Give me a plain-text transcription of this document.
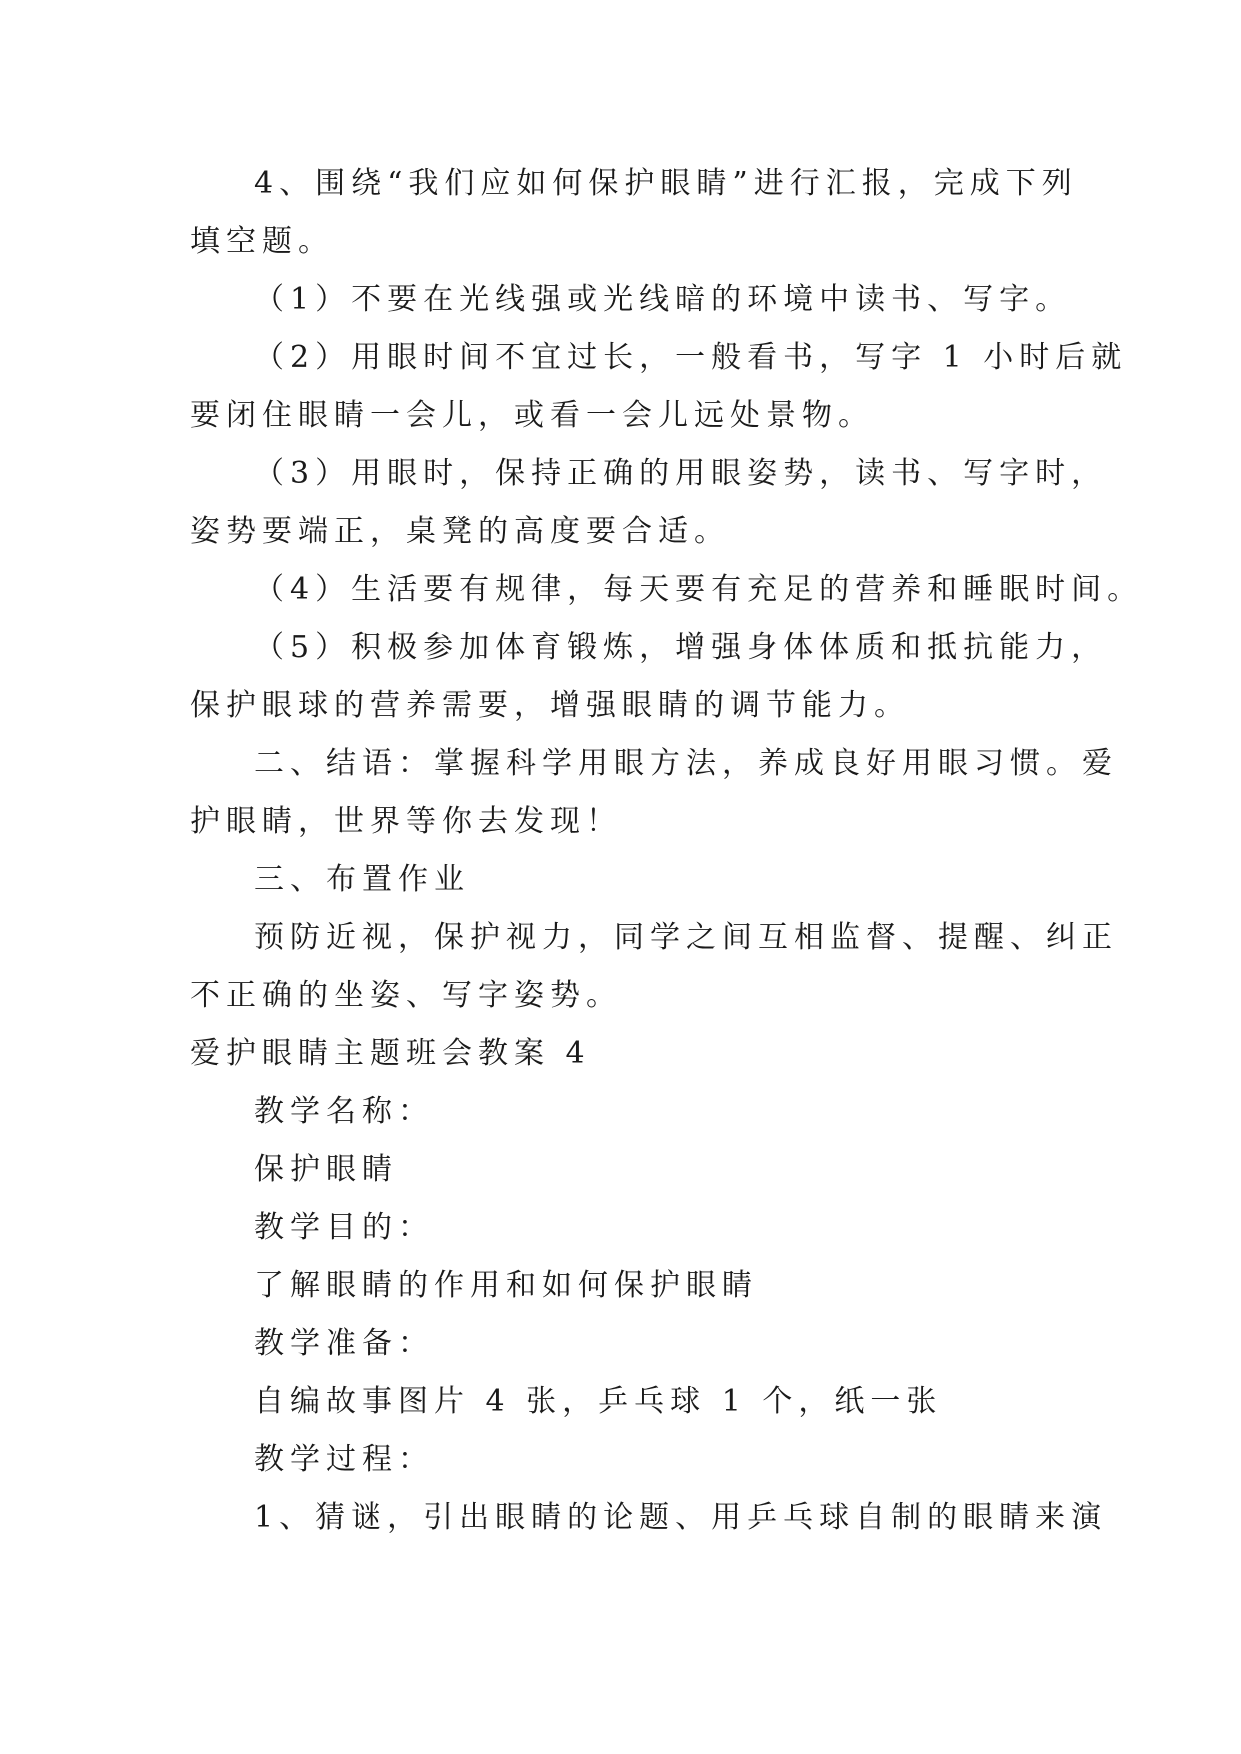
4、围绕“我们应如何保护眼睛”进行汇报，完成下列
填空题。
（1）不要在光线强或光线暗的环境中读书、写字。
（2）用眼时间不宜过长，一般看书，写字 1 小时后就
要闭住眼睛一会儿，或看一会儿远处景物。
（3）用眼时，保持正确的用眼姿势，读书、写字时，
姿势要端正，桌凳的高度要合适。
（4）生活要有规律，每天要有充足的营养和睡眠时间。
（5）积极参加体育锻炼，增强身体体质和抵抗能力，
保护眼球的营养需要，增强眼睛的调节能力。
二、结语：掌握科学用眼方法，养成良好用眼习惯。爱
护眼睛，世界等你去发现！
三、布置作业
预防近视，保护视力，同学之间互相监督、提醒、纠正
不正确的坐姿、写字姿势。
爱护眼睛主题班会教案 4
教学名称：
保护眼睛
教学目的：
了解眼睛的作用和如何保护眼睛
教学准备：
自编故事图片 4 张，乒乓球 1 个，纸一张
教学过程：
1、猜谜，引出眼睛的论题、用乒乓球自制的眼睛来演
